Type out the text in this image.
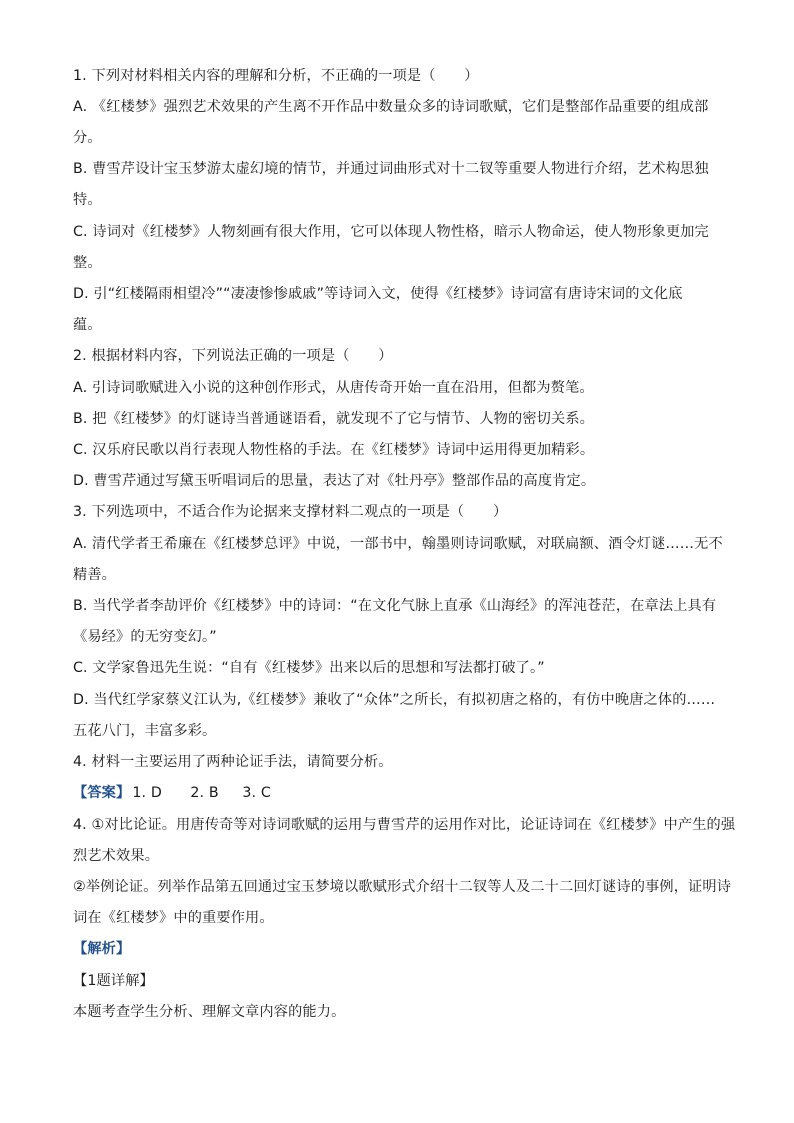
1. 下列对材料相关内容的理解和分析，不正确的一项是（　　）
A. 《红楼梦》强烈艺术效果的产生离不开作品中数量众多的诗词歌赋，它们是整部作品重要的组成部
分。
B. 曹雪芹设计宝玉梦游太虚幻境的情节，并通过词曲形式对十二钗等重要人物进行介绍，艺术构思独
特。
C. 诗词对《红楼梦》人物刻画有很大作用，它可以体现人物性格，暗示人物命运，使人物形象更加完
整。
D. 引“红楼隔雨相望冷”“凄凄惨惨戚戚”等诗词入文，使得《红楼梦》诗词富有唐诗宋词的文化底
蕴。
2. 根据材料内容，下列说法正确的一项是（　　）
A. 引诗词歌赋进入小说的这种创作形式，从唐传奇开始一直在沿用，但都为赘笔。
B. 把《红楼梦》的灯谜诗当普通谜语看，就发现不了它与情节、人物的密切关系。
C. 汉乐府民歌以肖行表现人物性格的手法。在《红楼梦》诗词中运用得更加精彩。
D. 曹雪芹通过写黛玉听唱词后的思量，表达了对《牡丹亭》整部作品的高度肯定。
3. 下列选项中，不适合作为论据来支撑材料二观点的一项是（　　）
A. 清代学者王希廉在《红楼梦总评》中说，一部书中，翰墨则诗词歌赋，对联扁额、酒令灯谜……无不
精善。
B. 当代学者李劼评价《红楼梦》中的诗词：“在文化气脉上直承《山海经》的浑沌苍茫，在章法上具有
《易经》的无穷变幻。”
C. 文学家鲁迅先生说：“自有《红楼梦》出来以后的思想和写法都打破了。”
D. 当代红学家蔡义江认为,《红楼梦》兼收了“众体”之所长，有拟初唐之格的，有仿中晚唐之体的……
五花八门，丰富多彩。
4. 材料一主要运用了两种论证手法，请简要分析。
【答案】 1. D 2. B 3. C
4. ①对比论证。用唐传奇等对诗词歌赋的运用与曹雪芹的运用作对比，论证诗词在《红楼梦》中产生的强
烈艺术效果。
②举例论证。列举作品第五回通过宝玉梦境以歌赋形式介绍十二钗等人及二十二回灯谜诗的事例，证明诗
词在《红楼梦》中的重要作用。
【解析】
【1题详解】
本题考查学生分析、理解文章内容的能力。
